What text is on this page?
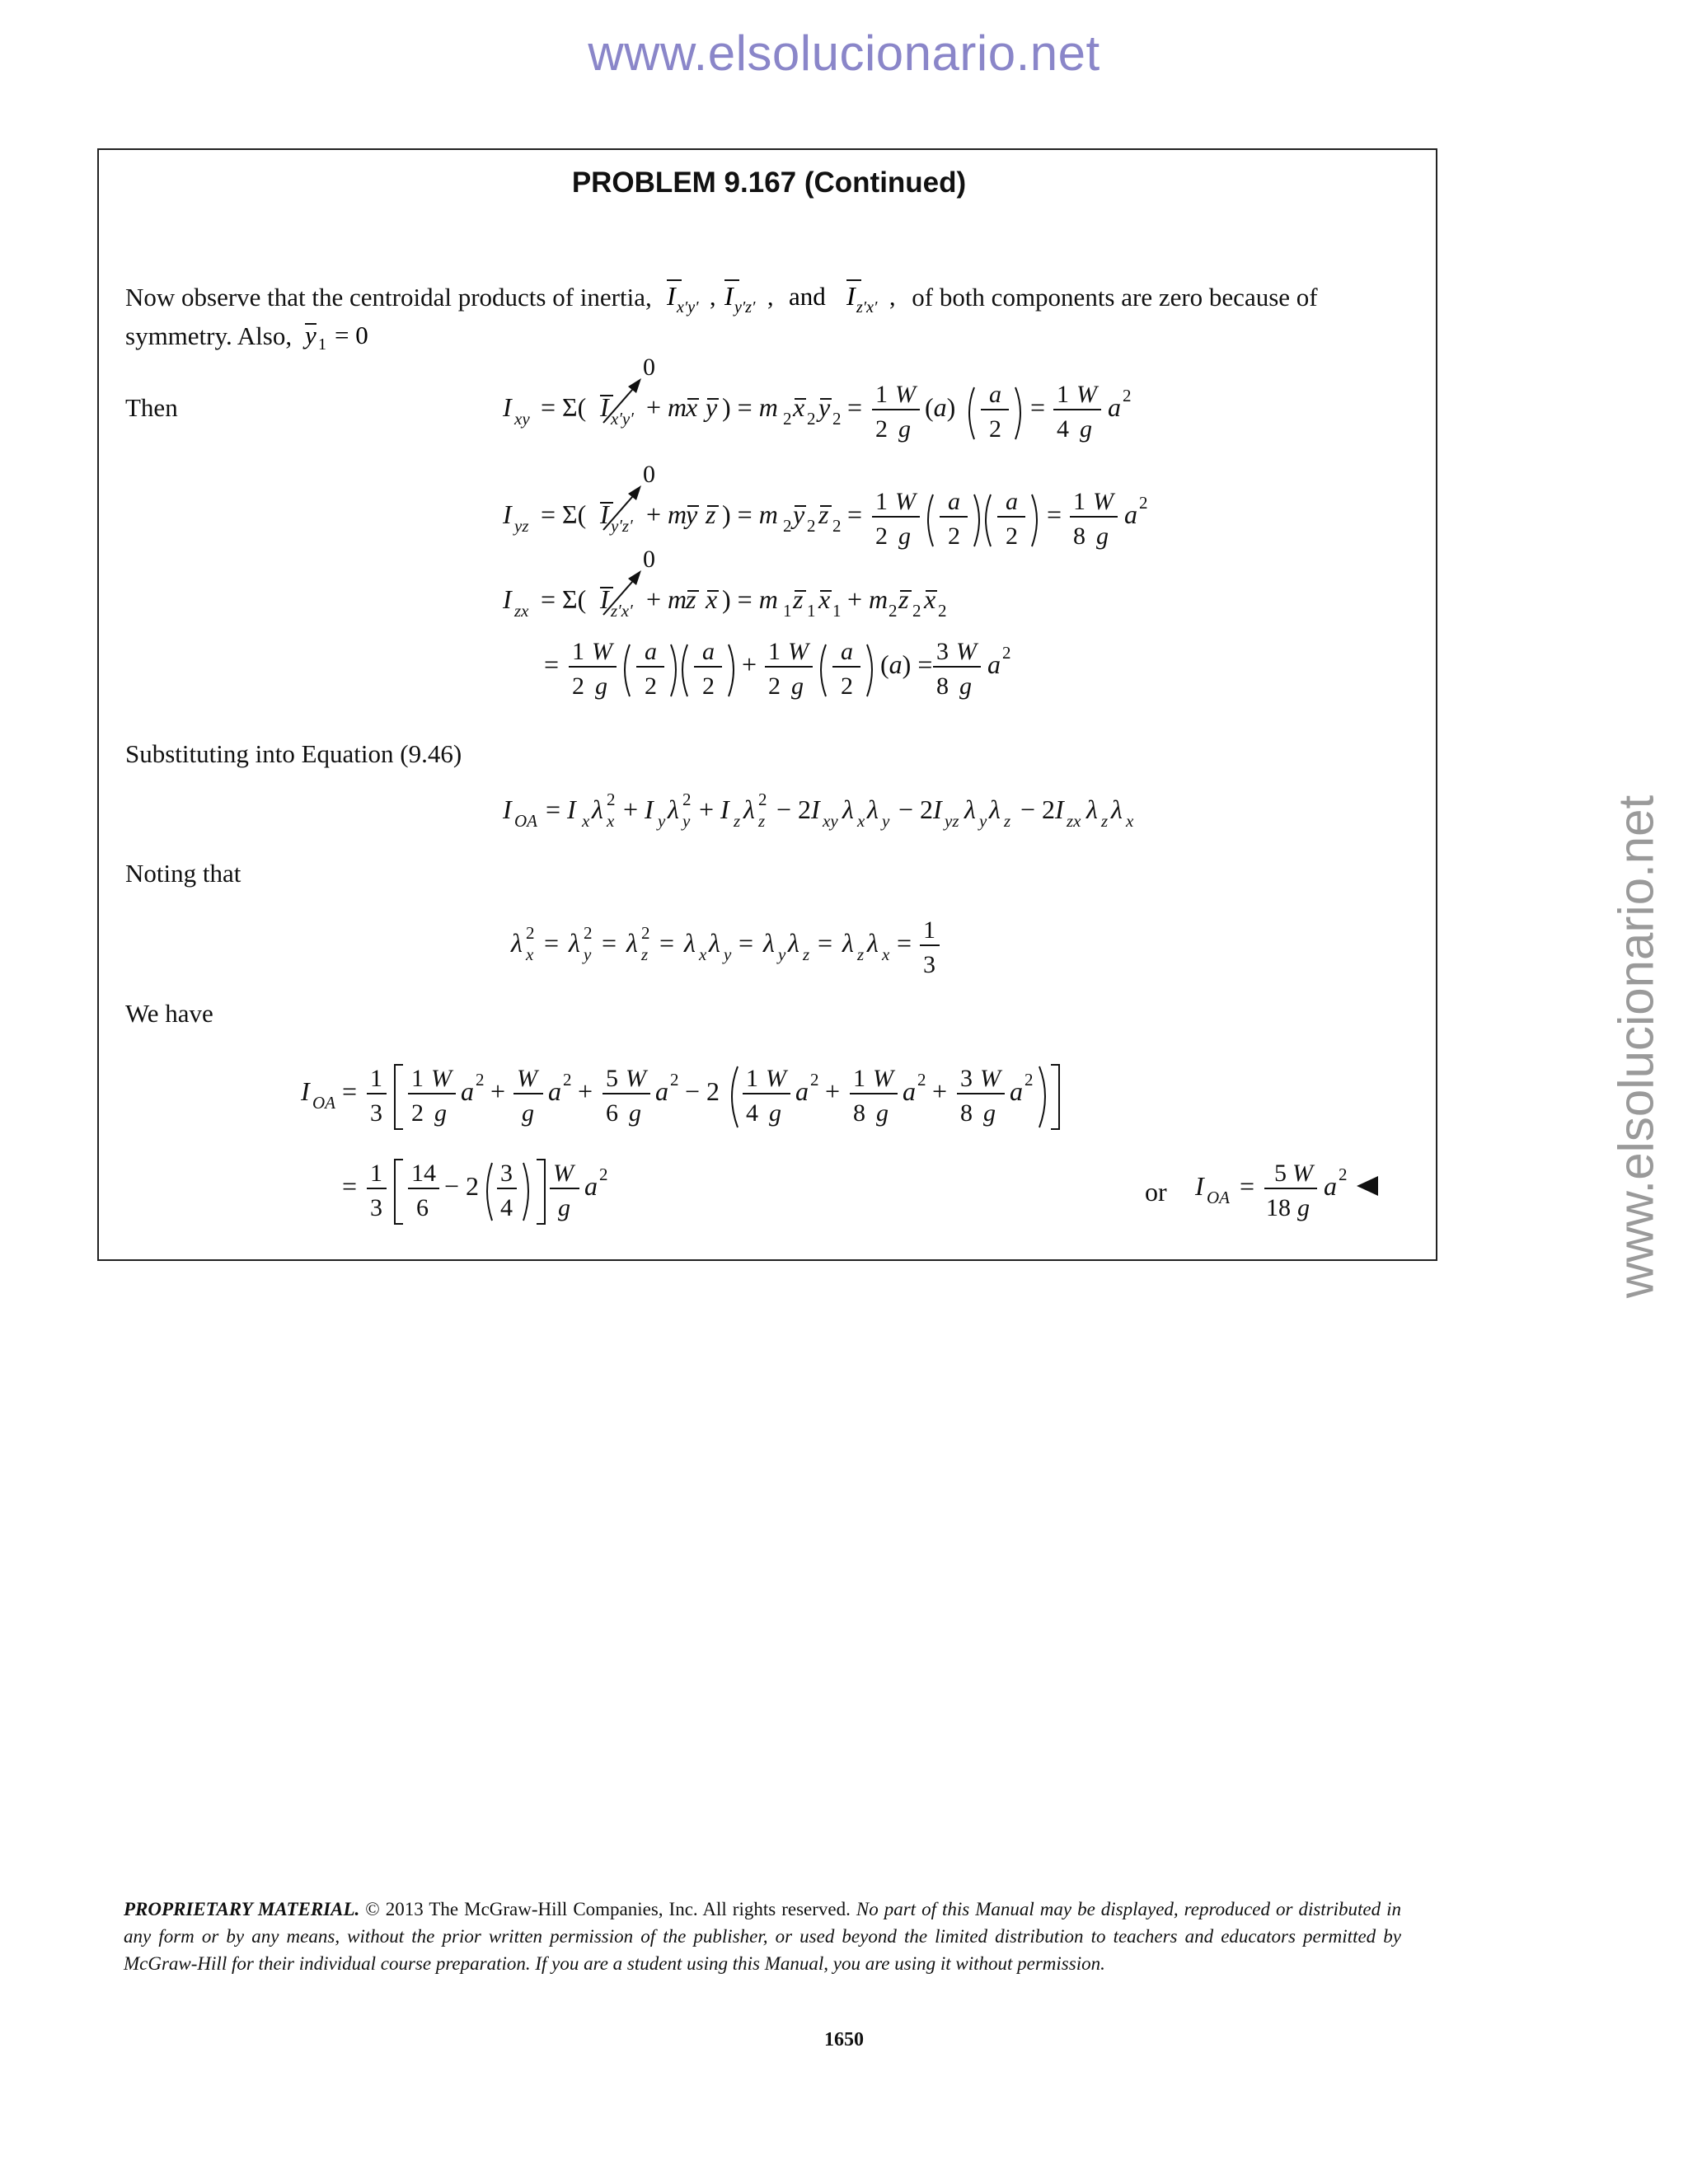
www.elsolucionario.net
www.elsolucionario.net
PROBLEM 9.167 (Continued)
Now observe that the centroidal products of inertia, I x′y′ , I y′z′ , and I z′x′ , of both components are zero because of symmetry. Also, y 1 = 0
Then
Substituting into Equation (9.46)
Noting that
We have
0
I xy = Σ( I x′y′ + m
x y ) = m 2 x 2 y 2 = 1 W
2 g
(a) a
2
= 1 W
4 g
a 2
0
I yz = Σ( I y′z′ + m
y z ) = m 2 y 2 z 2 = 1 W
2 g
a
2
a
2
= 1 W
8 g
a 2
0
I zx = Σ( I z′x′ + m
z x ) = m 1 z 1 x 1 + m 2 z 2 x 2
= 1 W
2 g
a
2
a
2
+ 1 W
2 g
a
2
(a) = 3 W
8 g
a 2
I OA = I x λ x
2 + I y λ y
2 + I z λ z
2 − 2I xy λ x λ y − 2I yz λ y λ z − 2I zx λ z λ x
λ x
2 = λ y
2 = λ z
2 = λ x λ y = λ y λ z = λ z λ x = 1
3
I OA = 1
3
1 W
2 g
a 2 + W
g
a 2 + 5 W
6 g
a 2 − 2 1 W
4 g
a 2 + 1 W
8 g
a 2 + 3 W
8 g
a 2
= 1
3
14
6
− 2 3
4
W
g
a 2
or I OA = 5 W
18 g
a 2
PROPRIETARY MATERIAL. © 2013 The McGraw-Hill Companies, Inc. All rights reserved. No part of this Manual may be displayed, reproduced or distributed in any form or by any means, without the prior written permission of the publisher, or used beyond the limited distribution to teachers and educators permitted by McGraw-Hill for their individual course preparation. If you are a student using this Manual, you are using it without permission.
1650
